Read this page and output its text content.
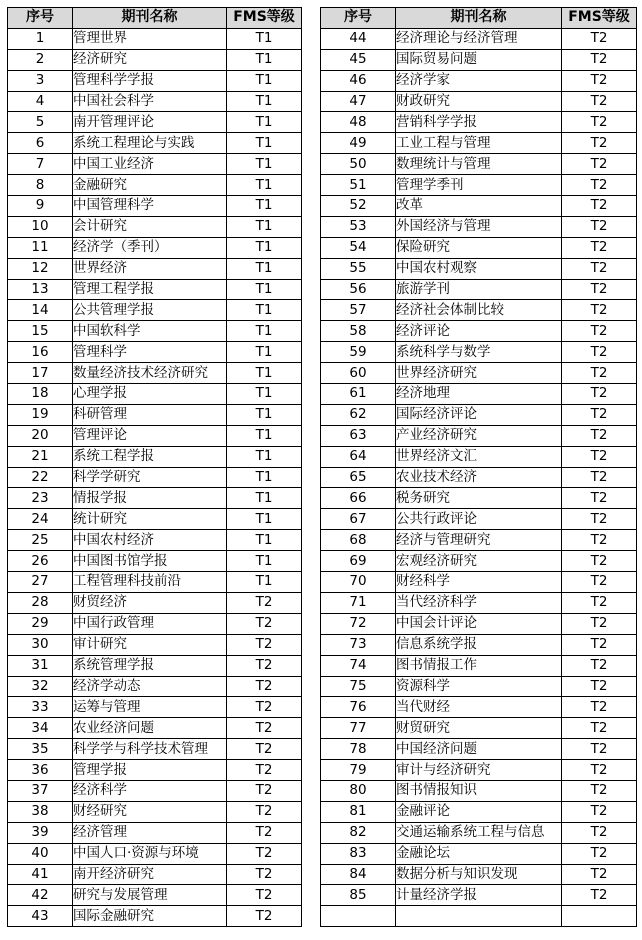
序号	期刊名称	FMS等级
1	管理世界	T1
2	经济研究	T1
3	管理科学学报	T1
4	中国社会科学	T1
5	南开管理评论	T1
6	系统工程理论与实践	T1
7	中国工业经济	T1
8	金融研究	T1
9	中国管理科学	T1
10	会计研究	T1
11	经济学（季刊）	T1
12	世界经济	T1
13	管理工程学报	T1
14	公共管理学报	T1
15	中国软科学	T1
16	管理科学	T1
17	数量经济技术经济研究	T1
18	心理学报	T1
19	科研管理	T1
20	管理评论	T1
21	系统工程学报	T1
22	科学学研究	T1
23	情报学报	T1
24	统计研究	T1
25	中国农村经济	T1
26	中国图书馆学报	T1
27	工程管理科技前沿	T1
28	财贸经济	T2
29	中国行政管理	T2
30	审计研究	T2
31	系统管理学报	T2
32	经济学动态	T2
33	运筹与管理	T2
34	农业经济问题	T2
35	科学学与科学技术管理	T2
36	管理学报	T2
37	经济科学	T2
38	财经研究	T2
39	经济管理	T2
40	中国人口·资源与环境	T2
41	南开经济研究	T2
42	研究与发展管理	T2
43	国际金融研究	T2
序号	期刊名称	FMS等级
44	经济理论与经济管理	T2
45	国际贸易问题	T2
46	经济学家	T2
47	财政研究	T2
48	营销科学学报	T2
49	工业工程与管理	T2
50	数理统计与管理	T2
51	管理学季刊	T2
52	改革	T2
53	外国经济与管理	T2
54	保险研究	T2
55	中国农村观察	T2
56	旅游学刊	T2
57	经济社会体制比较	T2
58	经济评论	T2
59	系统科学与数学	T2
60	世界经济研究	T2
61	经济地理	T2
62	国际经济评论	T2
63	产业经济研究	T2
64	世界经济文汇	T2
65	农业技术经济	T2
66	税务研究	T2
67	公共行政评论	T2
68	经济与管理研究	T2
69	宏观经济研究	T2
70	财经科学	T2
71	当代经济科学	T2
72	中国会计评论	T2
73	信息系统学报	T2
74	图书情报工作	T2
75	资源科学	T2
76	当代财经	T2
77	财贸研究	T2
78	中国经济问题	T2
79	审计与经济研究	T2
80	图书情报知识	T2
81	金融评论	T2
82	交通运输系统工程与信息	T2
83	金融论坛	T2
84	数据分析与知识发现	T2
85	计量经济学报	T2
